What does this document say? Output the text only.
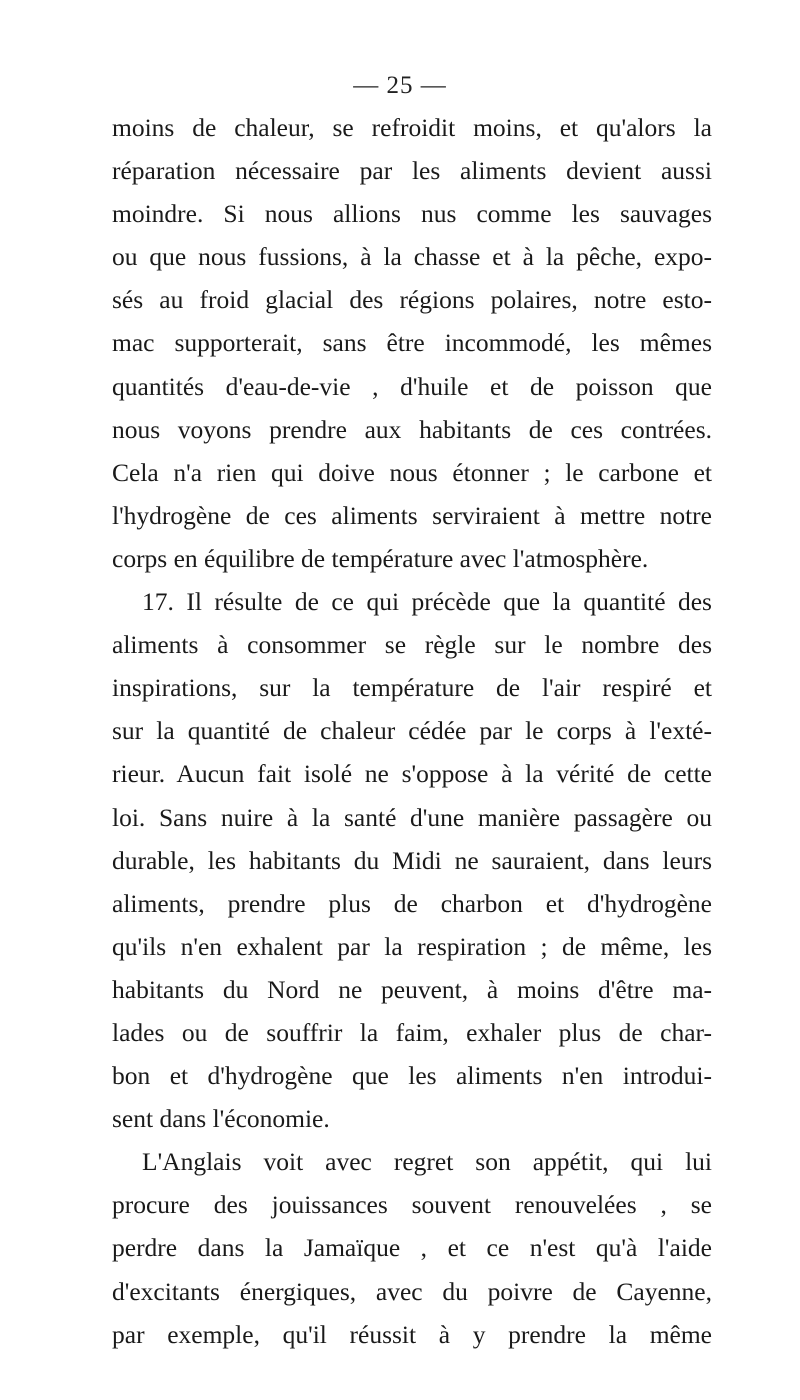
— 25 —
moins de chaleur, se refroidit moins, et qu'alors la
réparation nécessaire par les aliments devient aussi
moindre. Si nous allions nus comme les sauvages
ou que nous fussions, à la chasse et à la pêche, expo-
sés au froid glacial des régions polaires, notre esto-
mac supporterait, sans être incommodé, les mêmes
quantités d'eau-de-vie , d'huile et de poisson que
nous voyons prendre aux habitants de ces contrées.
Cela n'a rien qui doive nous étonner ; le carbone et
l'hydrogène de ces aliments serviraient à mettre notre
corps en équilibre de température avec l'atmosphère.
17. Il résulte de ce qui précède que la quantité des
aliments à consommer se règle sur le nombre des
inspirations, sur la température de l'air respiré et
sur la quantité de chaleur cédée par le corps à l'exté-
rieur. Aucun fait isolé ne s'oppose à la vérité de cette
loi. Sans nuire à la santé d'une manière passagère ou
durable, les habitants du Midi ne sauraient, dans leurs
aliments, prendre plus de charbon et d'hydrogène
qu'ils n'en exhalent par la respiration ; de même, les
habitants du Nord ne peuvent, à moins d'être ma-
lades ou de souffrir la faim, exhaler plus de char-
bon et d'hydrogène que les aliments n'en introdui-
sent dans l'économie.
L'Anglais voit avec regret son appétit, qui lui
procure des jouissances souvent renouvelées , se
perdre dans la Jamaïque , et ce n'est qu'à l'aide
d'excitants énergiques, avec du poivre de Cayenne,
par exemple, qu'il réussit à y prendre la même
